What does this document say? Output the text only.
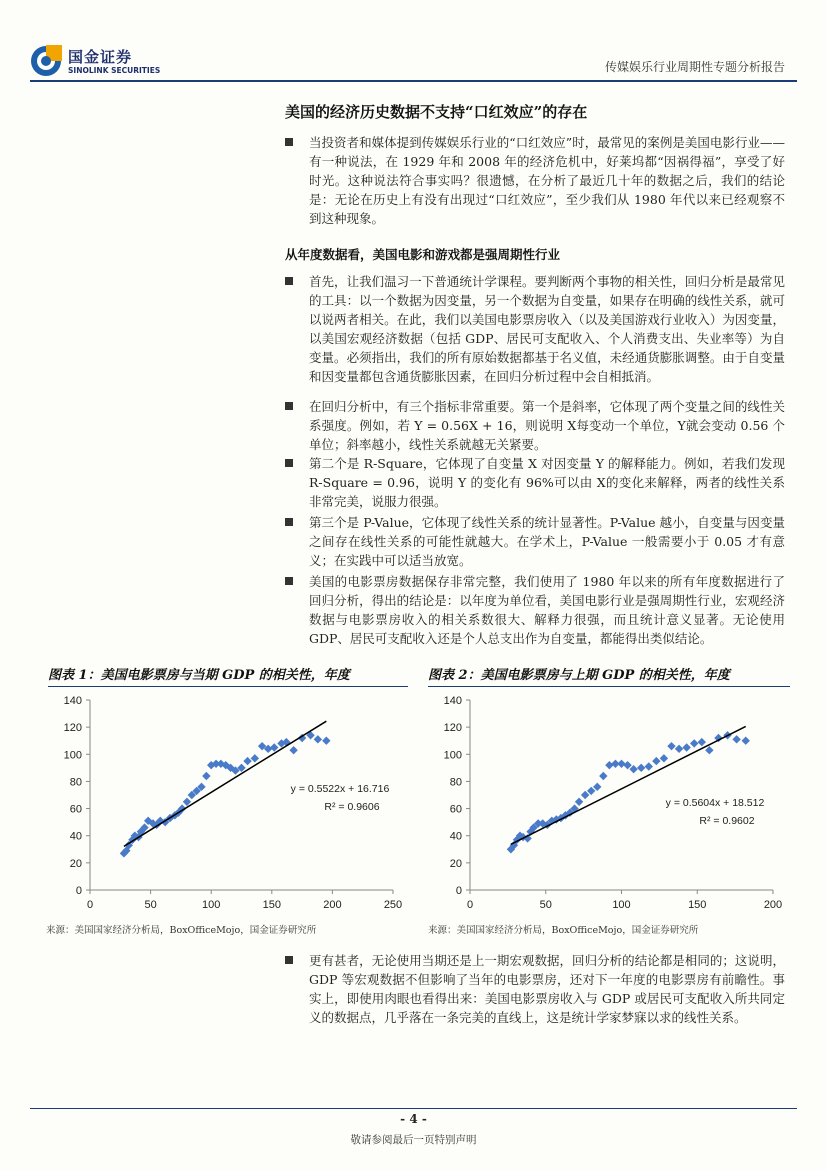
国金证券
SINOLINK SECURITIES	传媒娱乐行业周期性专题分析报告
美国的经济历史数据不支持“口红效应”的存在
当投资者和媒体提到传媒娱乐行业的“口红效应”时，最常见的案例是美国电影行业——有一种说法，在 1929 年和 2008 年的经济危机中，好莱坞都“因祸得福”，享受了好时光。这种说法符合事实吗？很遗憾，在分析了最近几十年的数据之后，我们的结论是：无论在历史上有没有出现过“口红效应”，至少我们从 1980 年代以来已经观察不到这种现象。
从年度数据看，美国电影和游戏都是强周期性行业
首先，让我们温习一下普通统计学课程。要判断两个事物的相关性，回归分析是最常见的工具：以一个数据为因变量，另一个数据为自变量，如果存在明确的线性关系，就可以说两者相关。在此，我们以美国电影票房收入（以及美国游戏行业收入）为因变量，以美国宏观经济数据（包括 GDP、居民可支配收入、个人消费支出、失业率等）为自变量。必须指出，我们的所有原始数据都基于名义值，未经通货膨胀调整。由于自变量和因变量都包含通货膨胀因素，在回归分析过程中会自相抵消。
在回归分析中，有三个指标非常重要。第一个是斜率，它体现了两个变量之间的线性关系强度。例如，若 Y = 0.56X + 16，则说明 X每变动一个单位，Y就会变动 0.56 个单位；斜率越小，线性关系就越无关紧要。
第二个是 R-Square，它体现了自变量 X 对因变量 Y 的解释能力。例如，若我们发现 R-Square = 0.96，说明 Y 的变化有 96%可以由 X的变化来解释，两者的线性关系非常完美，说服力很强。
第三个是 P-Value，它体现了线性关系的统计显著性。P-Value 越小，自变量与因变量之间存在线性关系的可能性就越大。在学术上，P-Value 一般需要小于 0.05 才有意义；在实践中可以适当放宽。
美国的电影票房数据保存非常完整，我们使用了 1980 年以来的所有年度数据进行了回归分析，得出的结论是：以年度为单位看，美国电影行业是强周期性行业，宏观经济数据与电影票房收入的相关系数很大、解释力很强，而且统计意义显著。无论使用 GDP、居民可支配收入还是个人总支出作为自变量，都能得出类似结论。
图表 1：美国电影票房与当期 GDP 的相关性，年度	图表 2：美国电影票房与上期 GDP 的相关性，年度
0
20
40
60
80
100
120
140
0	50	100	150	200	250
y = 0.5522x + 16.716
R² = 0.9606
0
20
40
60
80
100
120
140
0	50	100	150	200
y = 0.5604x + 18.512
R² = 0.9602
来源：美国国家经济分析局，BoxOfficeMojo，国金证券研究所	来源：美国国家经济分析局，BoxOfficeMojo，国金证券研究所
更有甚者，无论使用当期还是上一期宏观数据，回归分析的结论都是相同的；这说明，GDP 等宏观数据不但影响了当年的电影票房，还对下一年度的电影票房有前瞻性。事实上，即使用肉眼也看得出来：美国电影票房收入与 GDP 或居民可支配收入所共同定义的数据点，几乎落在一条完美的直线上，这是统计学家梦寐以求的线性关系。
- 4 -
敬请参阅最后一页特别声明
